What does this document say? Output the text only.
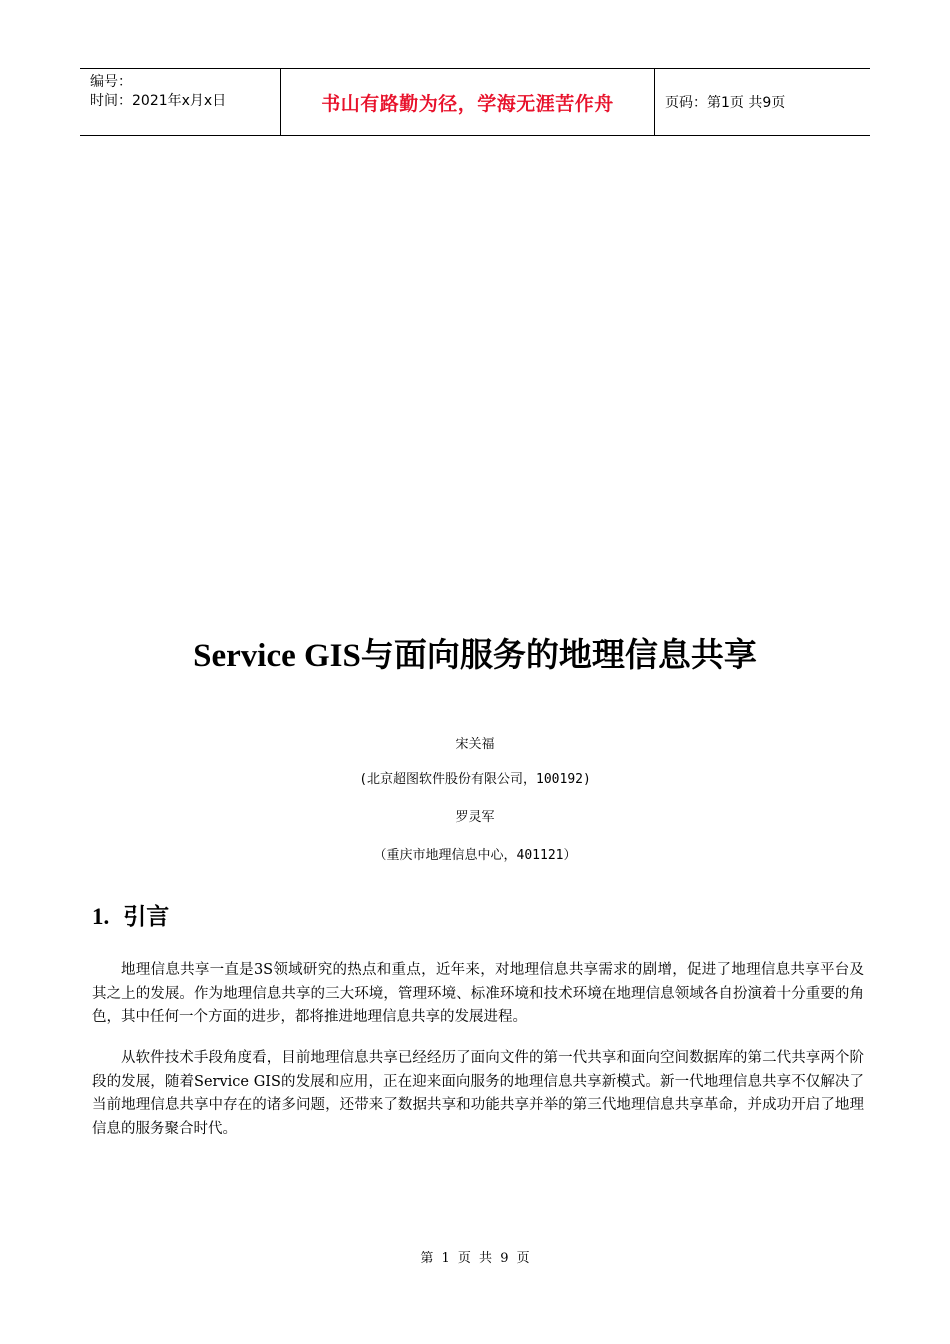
编号：
时间：2021年x月x日	书山有路勤为径，学海无涯苦作舟	页码：第1页 共9页
Service GIS与面向服务的地理信息共享
宋关福
(北京超图软件股份有限公司，100192)
罗灵军
（重庆市地理信息中心，401121）
1. 引言

地理信息共享一直是3S领域研究的热点和重点，近年来，对地理信息共享需求的剧增，促进了地理信息共享平台及其之上的发展。作为地理信息共享的三大环境，管理环境、标准环境和技术环境在地理信息领域各自扮演着十分重要的角色，其中任何一个方面的进步，都将推进地理信息共享的发展进程。

从软件技术手段角度看，目前地理信息共享已经经历了面向文件的第一代共享和面向空间数据库的第二代共享两个阶段的发展，随着Service GIS的发展和应用，正在迎来面向服务的地理信息共享新模式。新一代地理信息共享不仅解决了当前地理信息共享中存在的诸多问题，还带来了数据共享和功能共享并举的第三代地理信息共享革命，并成功开启了地理信息的服务聚合时代。

第 1 页 共 9 页
